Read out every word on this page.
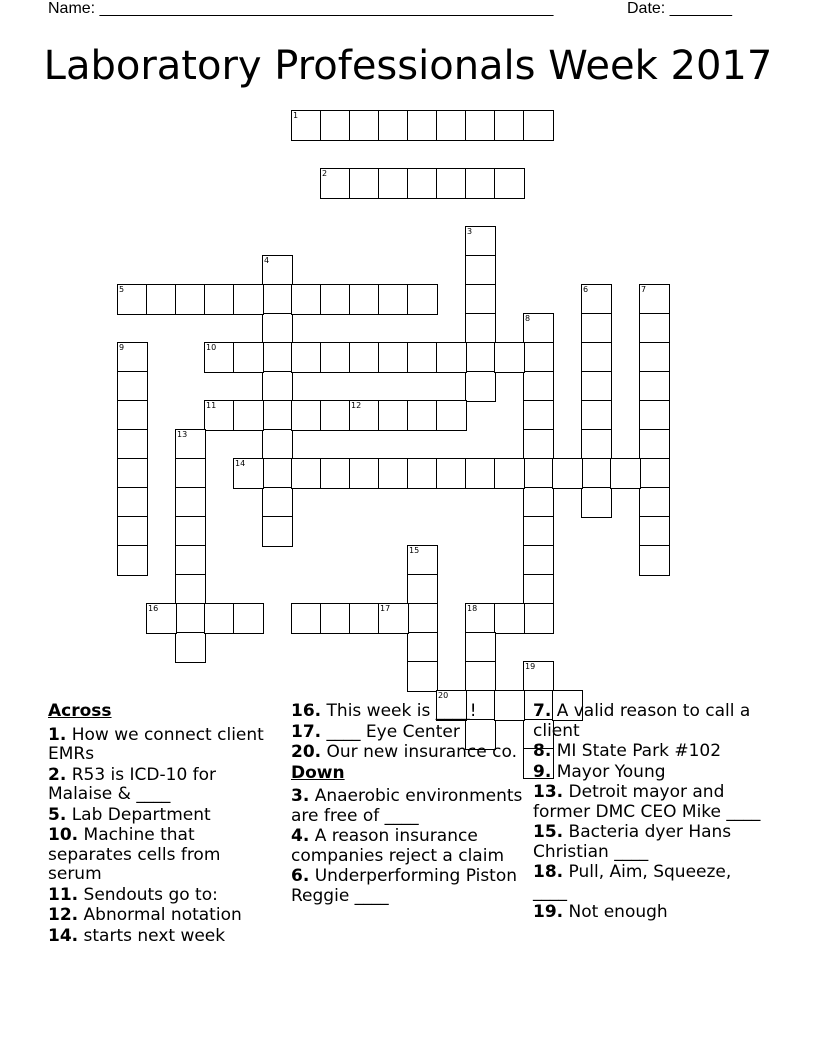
Name: ___________________________________________________	Date: _______
Laboratory Professionals Week 2017
1
2
3
4
5	6	7
8
9	10
11	12
13
14
15
16	17	18
19
20
Across
1. How we connect client EMRs
2. R53 is ICD-10 for Malaise & ____
5. Lab Department
10. Machine that separates cells from serum
11. Sendouts go to:
12. Abnormal notation
14. starts next week
16. This week is ____!
17. ____ Eye Center
20. Our new insurance co.
Down
3. Anaerobic environments are free of ____
4. A reason insurance companies reject a claim
6. Underperforming Piston Reggie ____
7. A valid reason to call a client
8. MI State Park #102
9. Mayor Young
13. Detroit mayor and former DMC CEO Mike ____
15. Bacteria dyer Hans Christian ____
18. Pull, Aim, Squeeze, ____
19. Not enough
